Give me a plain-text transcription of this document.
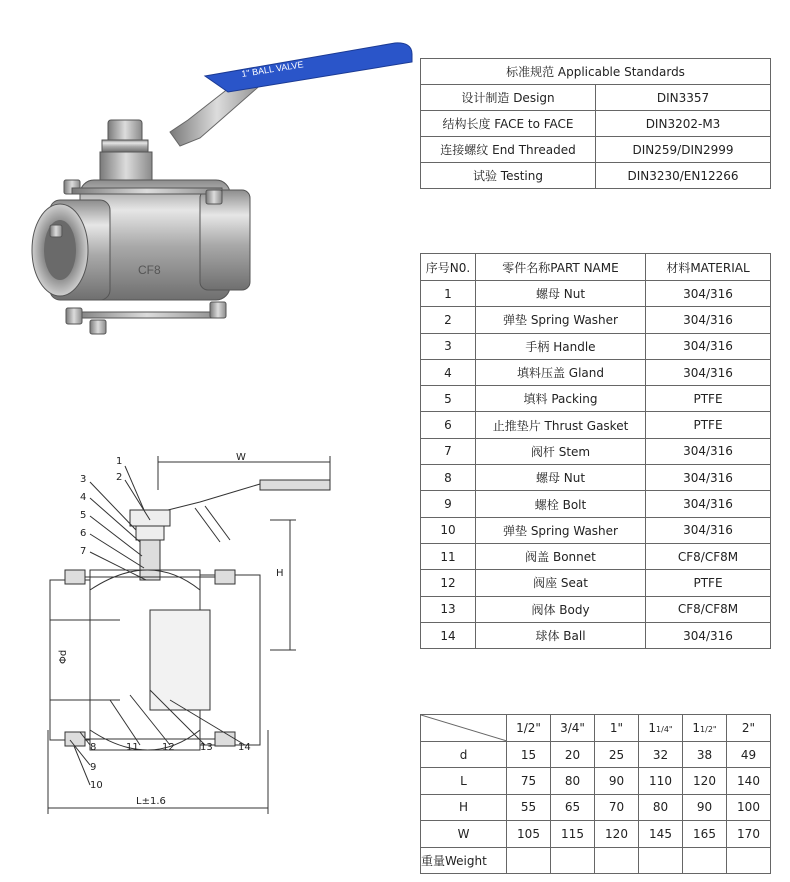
1" BALL VALVE
CF8
1
2
3
4
5
6
7
8
9
10
11 12	13	14
W
H
Φd
L±1.6
标准规范 Applicable Standards	
设计制造 Design	DIN3357
结构长度 FACE to FACE	DIN3202-M3
连接螺纹 End Threaded	DIN259/DIN2999
试验 Testing	DIN3230/EN12266
序号N0.	零件名称PART NAME	材料MATERIAL
1	螺母 Nut	304/316
2	弹垫 Spring Washer	304/316
3	手柄 Handle	304/316
4	填料压盖 Gland	304/316
5	填料 Packing	PTFE
6	止推垫片 Thrust Gasket	PTFE
7	阀杆 Stem	304/316
8	螺母 Nut	304/316
9	螺栓 Bolt	304/316
10	弹垫 Spring Washer	304/316
11	阀盖 Bonnet	CF8/CF8M
12	阀座 Seat	PTFE
13	阀体 Body	CF8/CF8M
14	球体 Ball	304/316
	1/2"	3/4"	1"	11/4"	11/2"	2"
d	15	20	25	32	38	49
L	75	80	90	110	120	140
H	55	65	70	80	90	100
W	105	115	120	145	165	170
重量Weight						
